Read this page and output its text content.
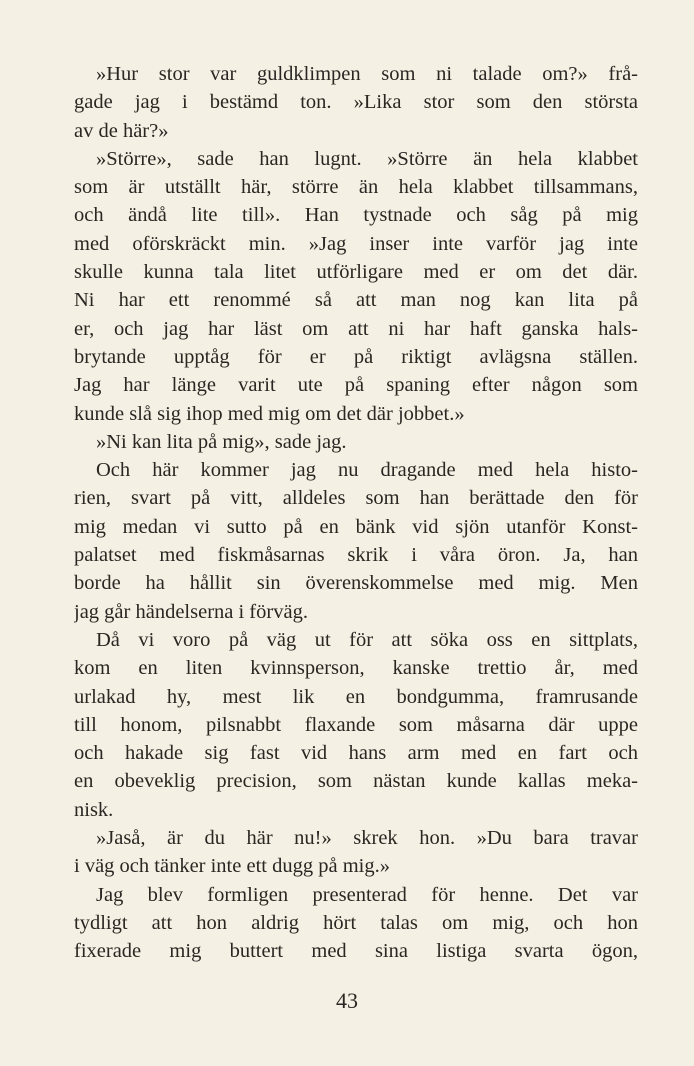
»Hur stor var guldklimpen som ni talade om?» frå-
gade jag i bestämd ton. »Lika stor som den största
av de här?»
»Större», sade han lugnt. »Större än hela klabbet
som är utställt här, större än hela klabbet tillsammans,
och ändå lite till». Han tystnade och såg på mig
med oförskräckt min. »Jag inser inte varför jag inte
skulle kunna tala litet utförligare med er om det där.
Ni har ett renommé så att man nog kan lita på
er, och jag har läst om att ni har haft ganska hals-
brytande upptåg för er på riktigt avlägsna ställen.
Jag har länge varit ute på spaning efter någon som
kunde slå sig ihop med mig om det där jobbet.»
»Ni kan lita på mig», sade jag.
Och här kommer jag nu dragande med hela histo-
rien, svart på vitt, alldeles som han berättade den för
mig medan vi sutto på en bänk vid sjön utanför Konst-
palatset med fiskmåsarnas skrik i våra öron. Ja, han
borde ha hållit sin överenskommelse med mig. Men
jag går händelserna i förväg.
Då vi voro på väg ut för att söka oss en sittplats,
kom en liten kvinnsperson, kanske trettio år, med
urlakad hy, mest lik en bondgumma, framrusande
till honom, pilsnabbt flaxande som måsarna där uppe
och hakade sig fast vid hans arm med en fart och
en obeveklig precision, som nästan kunde kallas meka-
nisk.
»Jaså, är du här nu!» skrek hon. »Du bara travar
i väg och tänker inte ett dugg på mig.»
Jag blev formligen presenterad för henne. Det var
tydligt att hon aldrig hört talas om mig, och hon
fixerade mig buttert med sina listiga svarta ögon,
43
